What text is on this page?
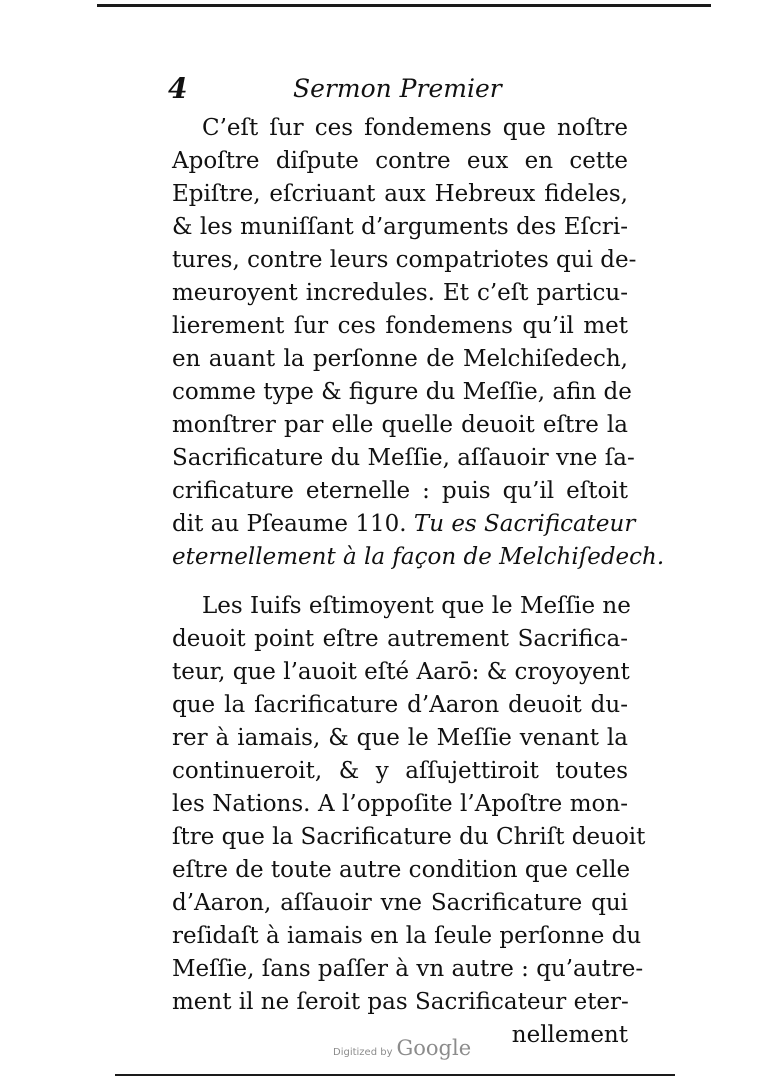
4	Sermon Premier
C’eſt ſur ces fondemens que noſtre
Apoſtre diſpute contre eux en cette
Epiſtre, eſcriuant aux Hebreux fideles,
& les muniſſant d’arguments des Eſcri-
tures, contre leurs compatriotes qui de-
meuroyent incredules. Et c’eſt particu-
lierement ſur ces fondemens qu’il met
en auant la perſonne de Melchiſedech,
comme type & figure du Meſſie, afin de
monſtrer par elle quelle deuoit eſtre la
Sacrificature du Meſſie, aſſauoir vne ſa-
crificature eternelle : puis qu’il eſtoit
dit au Pſeaume 110. Tu es Sacrificateur
eternellement à la façon de Melchiſedech.
Les Iuifs eſtimoyent que le Meſſie ne
deuoit point eſtre autrement Sacrifica-
teur, que l’auoit eſté Aarō: & croyoyent
que la ſacrificature d’Aaron deuoit du-
rer à iamais, & que le Meſſie venant la
continueroit, & y aſſujettiroit toutes
les Nations. A l’oppoſite l’Apoſtre mon-
ſtre que la Sacrificature du Chriſt deuoit
eſtre de toute autre condition que celle
d’Aaron, aſſauoir vne Sacrificature qui
reſidaſt à iamais en la ſeule perſonne du
Meſſie, ſans paſſer à vn autre : qu’autre-
ment il ne ſeroit pas Sacrificateur eter-
nellement
Digitized by Google
